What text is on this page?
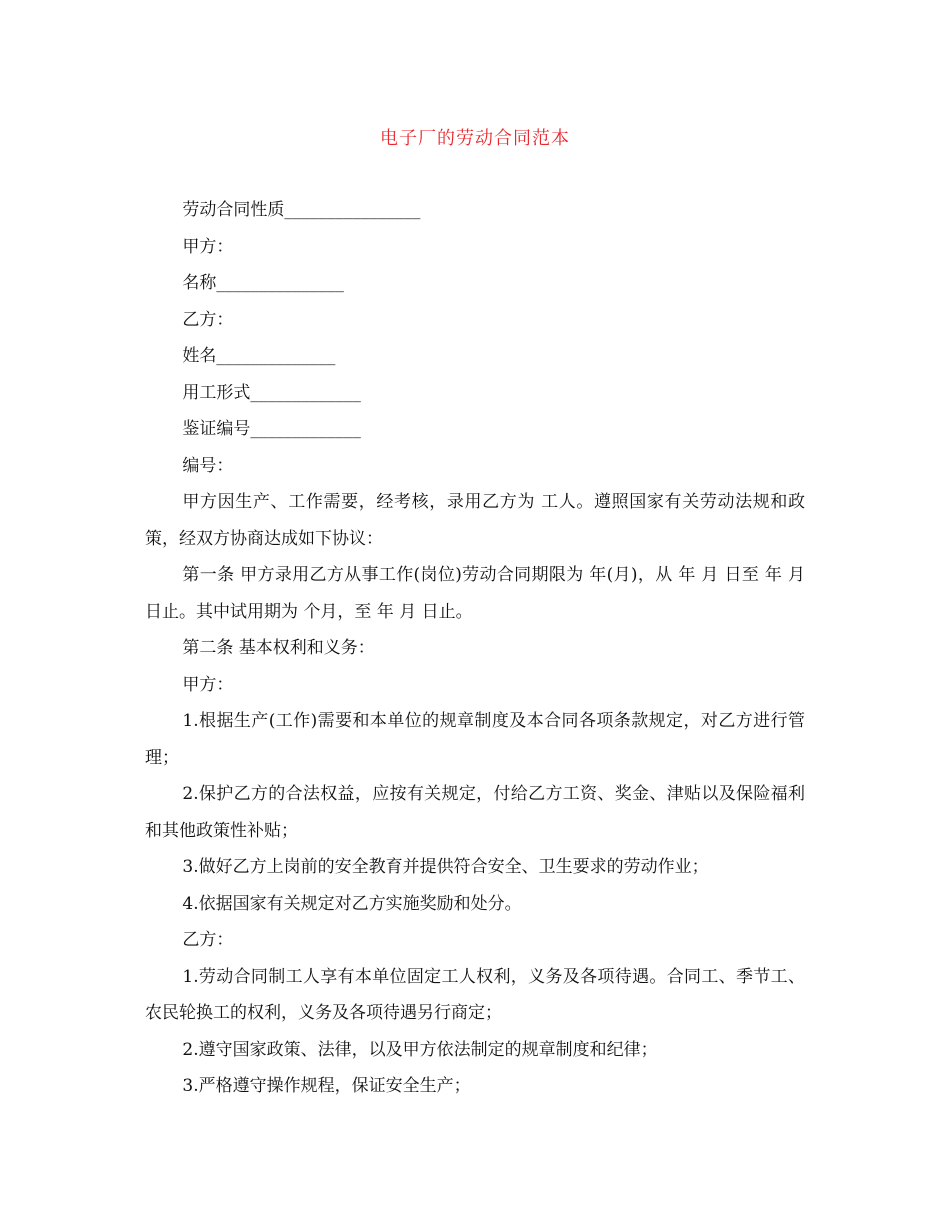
电子厂的劳动合同范本
劳动合同性质________________
甲方：
名称_______________
乙方：
姓名______________
用工形式_____________
鉴证编号_____________
编号：

甲方因生产、工作需要，经考核，录用乙方为 工人。遵照国家有关劳动法规和政策，经双方协商达成如下协议：

第一条 甲方录用乙方从事工作(岗位)劳动合同期限为 年(月)，从 年 月 日至 年 月 日止。其中试用期为 个月，至 年 月 日止。

第二条 基本权利和义务：

甲方：

1.根据生产(工作)需要和本单位的规章制度及本合同各项条款规定，对乙方进行管理；

2.保护乙方的合法权益，应按有关规定，付给乙方工资、奖金、津贴以及保险福利和其他政策性补贴；

3.做好乙方上岗前的安全教育并提供符合安全、卫生要求的劳动作业；

4.依据国家有关规定对乙方实施奖励和处分。

乙方：

1.劳动合同制工人享有本单位固定工人权利，义务及各项待遇。合同工、季节工、农民轮换工的权利，义务及各项待遇另行商定；

2.遵守国家政策、法律，以及甲方依法制定的规章制度和纪律；

3.严格遵守操作规程，保证安全生产；
